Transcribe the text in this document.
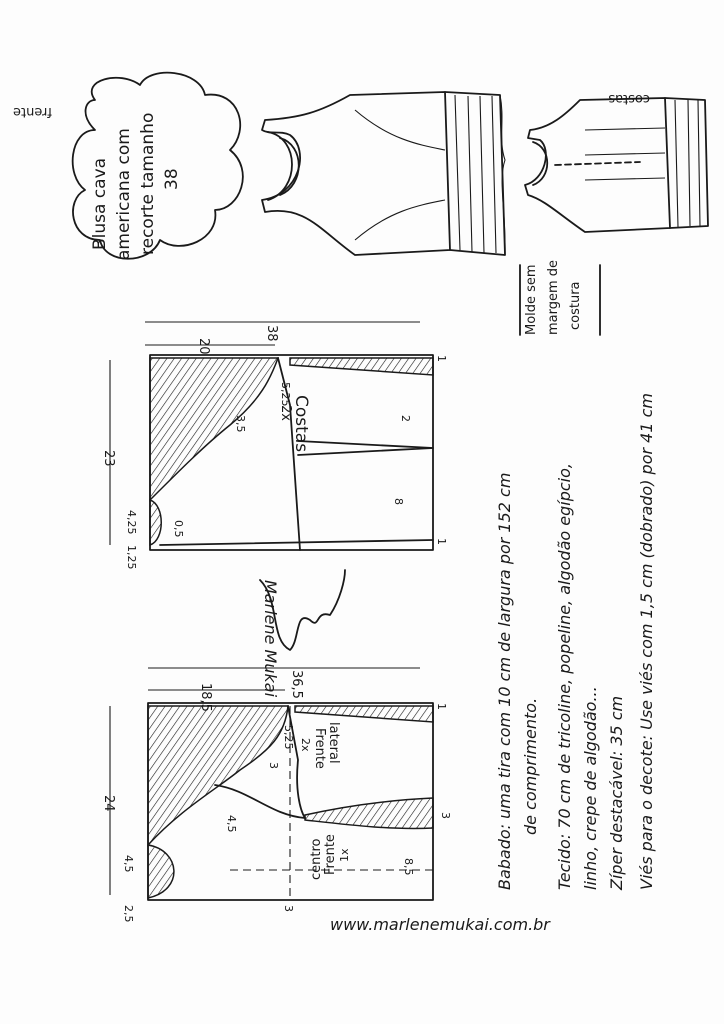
Blusa cava americana com recorte tamanho 38
frente
costas
Molde sem margem de costura
38
20
23
5,25
3,5	2
8
4,25	0,5
1,25
1
1
Costas
2x
Marlene Mukai 36,5
18,5
24
5,25
3
3
4,5
4,5	8,5
3
2,5
1
lateral
Frente
2x
centro Frente 1x	Babado: uma tira com 10 cm de largura por 152 cm de comprimento. Tecido: 70 cm de tricoline, popeline, algodão egípcio, linho, crepe de algodão... Zíper destacável: 35 cm Viés para o decote: Use viés com 1,5 cm (dobrado) por 41 cm
www.marlenemukai.com.br
